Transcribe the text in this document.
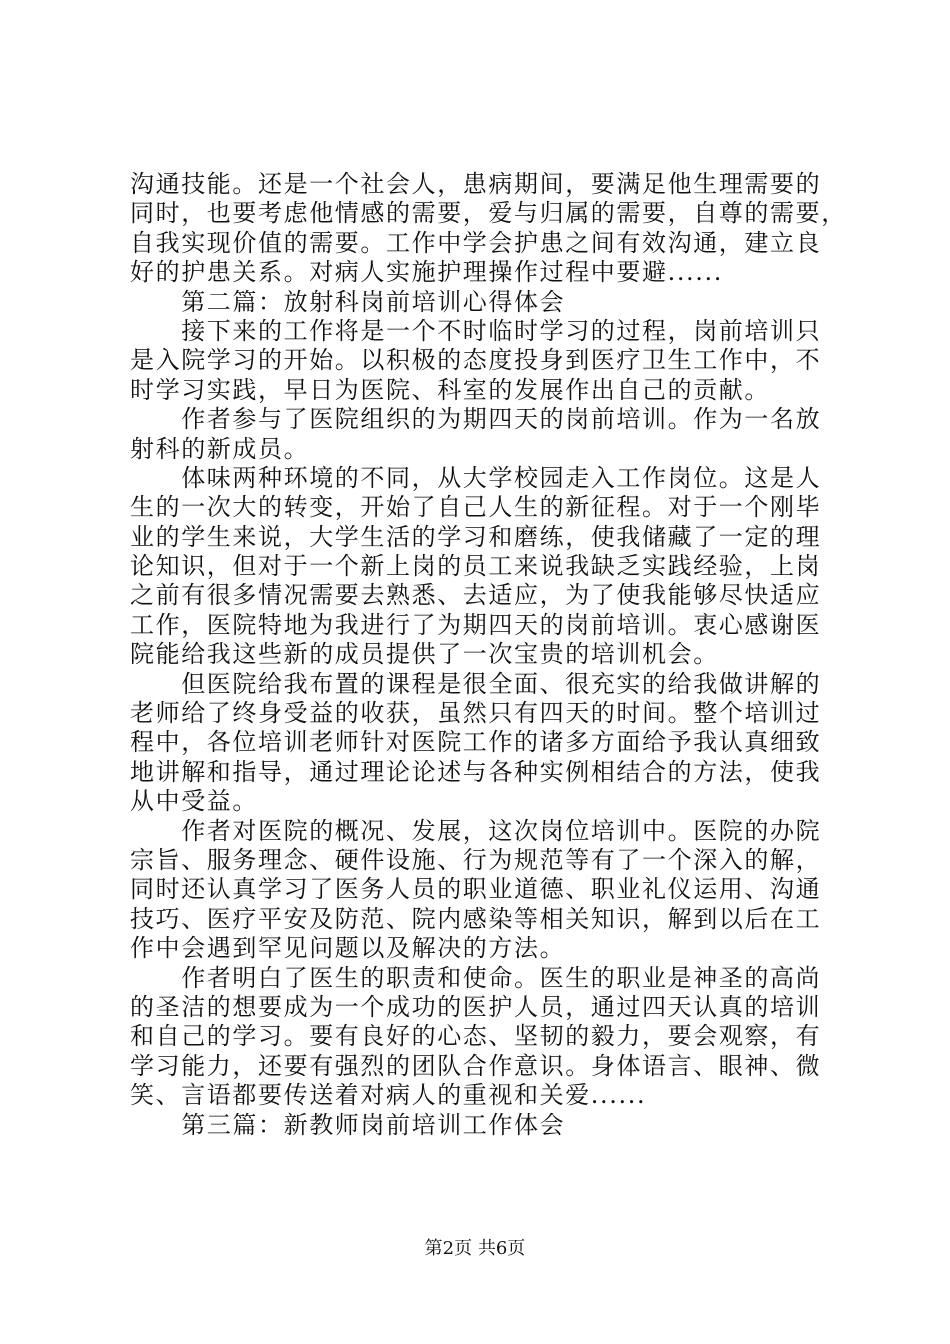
沟通技能。还是一个社会人，患病期间，要满足他生理需要的
同时，也要考虑他情感的需要，爱与归属的需要，自尊的需要，
自我实现价值的需要。工作中学会护患之间有效沟通，建立良
好的护患关系。对病人实施护理操作过程中要避......
　　第二篇：放射科岗前培训心得体会
　　接下来的工作将是一个不时临时学习的过程，岗前培训只
是入院学习的开始。以积极的态度投身到医疗卫生工作中，不
时学习实践，早日为医院、科室的发展作出自己的贡献。
　　作者参与了医院组织的为期四天的岗前培训。作为一名放
射科的新成员。
　　体味两种环境的不同，从大学校园走入工作岗位。这是人
生的一次大的转变，开始了自己人生的新征程。对于一个刚毕
业的学生来说，大学生活的学习和磨练，使我储藏了一定的理
论知识，但对于一个新上岗的员工来说我缺乏实践经验，上岗
之前有很多情况需要去熟悉、去适应，为了使我能够尽快适应
工作，医院特地为我进行了为期四天的岗前培训。衷心感谢医
院能给我这些新的成员提供了一次宝贵的培训机会。
　　但医院给我布置的课程是很全面、很充实的给我做讲解的
老师给了终身受益的收获，虽然只有四天的时间。整个培训过
程中，各位培训老师针对医院工作的诸多方面给予我认真细致
地讲解和指导，通过理论论述与各种实例相结合的方法，使我
从中受益。
　　作者对医院的概况、发展，这次岗位培训中。医院的办院
宗旨、服务理念、硬件设施、行为规范等有了一个深入的解，
同时还认真学习了医务人员的职业道德、职业礼仪运用、沟通
技巧、医疗平安及防范、院内感染等相关知识，解到以后在工
作中会遇到罕见问题以及解决的方法。
　　作者明白了医生的职责和使命。医生的职业是神圣的高尚
的圣洁的想要成为一个成功的医护人员，通过四天认真的培训
和自己的学习。要有良好的心态、坚韧的毅力，要会观察，有
学习能力，还要有强烈的团队合作意识。身体语言、眼神、微
笑、言语都要传送着对病人的重视和关爱......
　　第三篇：新教师岗前培训工作体会
第2页 共6页
